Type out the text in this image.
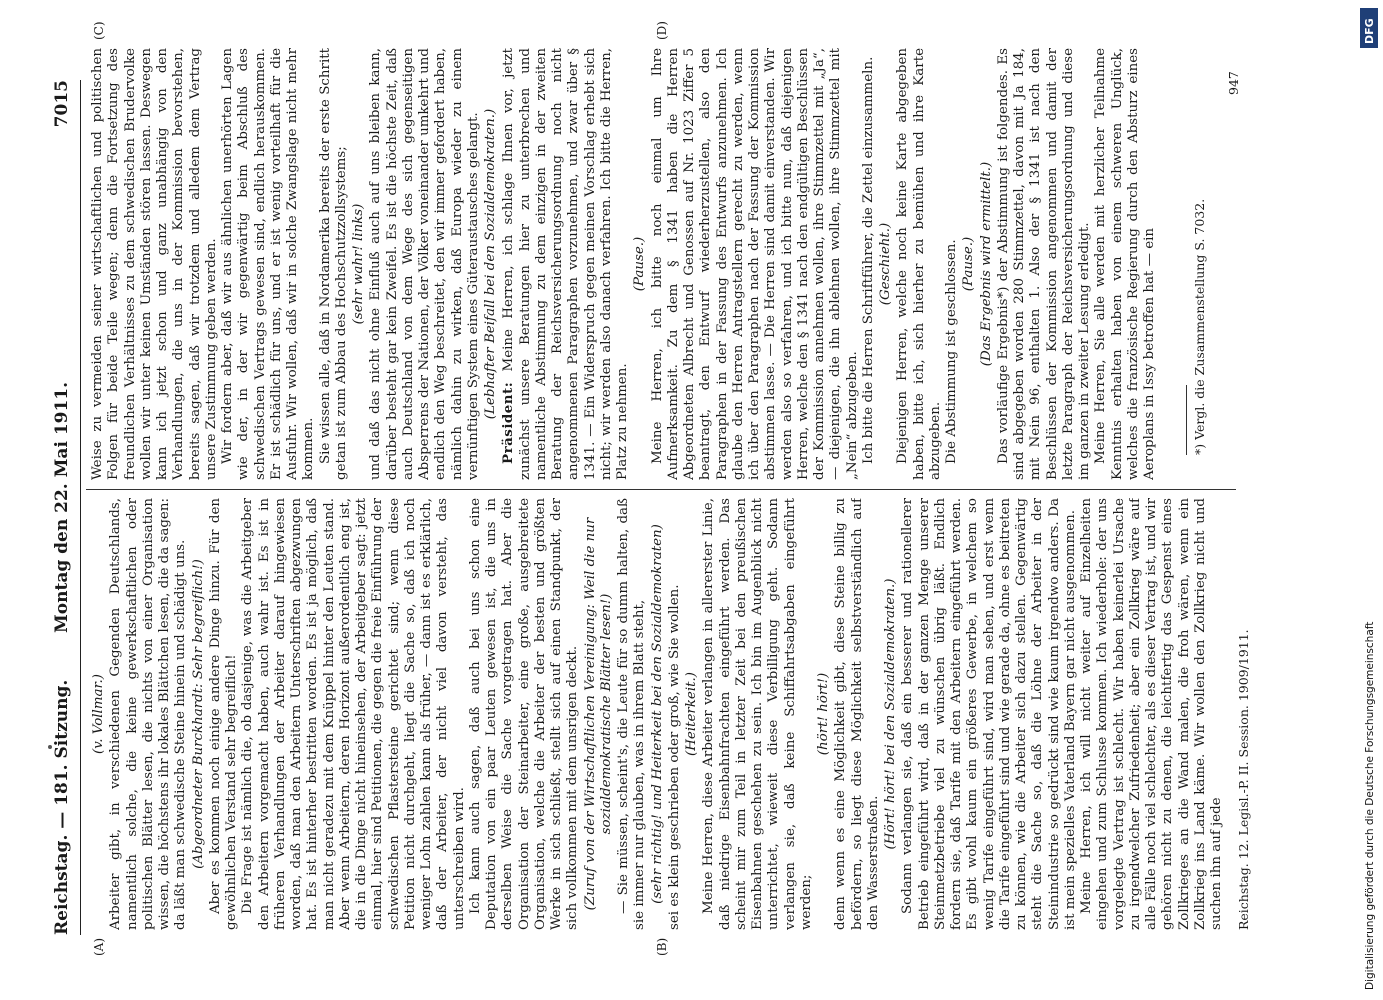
Reichstag. — 181. Sitzung.
Montag den 22. Mai 1911.
7015
(A)	(B)
(C)	(D)

(v. Vollmar.) Arbeiter gibt, in verschiedenen Gegenden Deutschlands, namentlich solche, die keine gewerkschaftlichen oder politischen Blätter lesen, die nichts von einer Organisation wissen, die höchstens ihr lokales Blättchen lesen, die da sagen: da läßt man schwedische Steine hinein und schädigt uns. (Abgeordneter Burckhardt: Sehr begreiflich!) Aber es kommen noch einige andere Dinge hinzu. Für den gewöhnlichen Verstand sehr begreiflich! Die Frage ist nämlich die, ob dasjenige, was die Arbeitgeber den Arbeitern vorgemacht haben, auch wahr ist. Es ist in früheren Verhandlungen der Arbeiter darauf hingewiesen worden, daß man den Arbeitern Unterschriften abgezwungen hat. Es ist hinterher bestritten worden. Es ist ja möglich, daß man nicht geradezu mit dem Knüppel hinter den Leuten stand. Aber wenn Arbeitern, deren Horizont außerordentlich eng ist, die in die Dinge nicht hineinsehen, der Arbeitgeber sagt: jetzt einmal, hier sind Petitionen, die gegen die freie Einführung der schwedischen Pflastersteine gerichtet sind; wenn diese Petition nicht durchgeht, liegt die Sache so, daß ich noch weniger Lohn zahlen kann als früher, — dann ist es erklärlich, daß der Arbeiter, der nicht viel davon versteht, das unterschreiben wird. Ich kann auch sagen, daß auch bei uns schon eine Deputation von ein paar Leuten gewesen ist, die uns in derselben Weise die Sache vorgetragen hat. Aber die Organisation der Steinarbeiter, eine große, ausgebreitete Organisation, welche die Arbeiter der besten und größten Werke in sich schließt, stellt sich auf einen Standpunkt, der sich vollkommen mit dem unsrigen deckt. (Zuruf von der Wirtschaftlichen Vereinigung: Weil die nur sozialdemokratische Blätter lesen!) — Sie müssen, scheint's, die Leute für so dumm halten, daß sie immer nur glauben, was in ihrem Blatt steht, (sehr richtig! und Heiterkeit bei den Sozialdemokraten) sei es klein geschrieben oder groß, wie Sie wollen. (Heiterkeit.) Meine Herren, diese Arbeiter verlangen in allererster Linie, daß niedrige Eisenbahnfrachten eingeführt werden. Das scheint mir zum Teil in letzter Zeit bei den preußischen Eisenbahnen geschehen zu sein. Ich bin im Augenblick nicht unterrichtet, wieweit diese Verbilligung geht. Sodann verlangen sie, daß keine Schiffahrtsabgaben eingeführt werden;

(hört! hört!) denn wenn es eine Möglichkeit gibt, diese Steine billig zu befördern, so liegt diese Möglichkeit selbstverständlich auf den Wasserstraßen.

(Hört! hört! bei den Sozialdemokraten.) Sodann verlangen sie, daß ein besserer und rationellerer Betrieb eingeführt wird, daß in der ganzen Menge unserer Steinmetzbetriebe viel zu wünschen übrig läßt. Endlich fordern sie, daß Tarife mit den Arbeitern eingeführt werden. Es gibt wohl kaum ein größeres Gewerbe, in welchem so wenig Tarife eingeführt sind, wird man sehen, und erst wenn die Tarife eingeführt sind und wie gerade da, ohne es beitreten zu können, wie die Arbeiter sich dazu stellen. Gegenwärtig steht die Sache so, daß die Löhne der Arbeiter in der Steinindustrie so gedrückt sind wie kaum irgendwo anders. Da ist mein spezielles Vaterland Bayern gar nicht ausgenommen. Meine Herren, ich will nicht weiter auf Einzelheiten eingehen und zum Schlusse kommen. Ich wiederhole: der uns vorgelegte Vertrag ist schlecht. Wir haben keinerlei Ursache zu irgendwelcher Zufriedenheit; aber ein Zollkrieg wäre auf alle Fälle noch viel schlechter, als es dieser Vertrag ist, und wir gehören nicht zu denen, die leichtfertig das Gespenst eines Zollkrieges an die Wand malen, die froh wären, wenn ein Zollkrieg ins Land käme. Wir wollen den Zollkrieg nicht und suchen ihn auf jede

Weise zu vermeiden seiner wirtschaftlichen und politischen Folgen für beide Teile wegen; denn die Fortsetzung des freundlichen Verhältnisses zu dem schwedischen Brudervolke wollen wir unter keinen Umständen stören lassen. Deswegen kann ich jetzt schon und ganz unabhängig von den Verhandlungen, die uns in der Kommission bevorstehen, bereits sagen, daß wir trotzdem und alledem dem Vertrag unsere Zustimmung geben werden. Wir fordern aber, daß wir aus ähnlichen unerhörten Lagen wie der, in der wir gegenwärtig beim Abschluß des schwedischen Vertrags gewesen sind, endlich herauskommen. Er ist schädlich für uns, und er ist wenig vorteilhaft für die Ausfuhr. Wir wollen, daß wir in solche Zwangslage nicht mehr kommen. Sie wissen alle, daß in Nordamerika bereits der erste Schritt getan ist zum Abbau des Hochschutzzollsystems; (sehr wahr! links) und daß das nicht ohne Einfluß auch auf uns bleiben kann, darüber besteht gar kein Zweifel. Es ist die höchste Zeit, daß auch Deutschland von dem Wege des sich gegenseitigen Absperrens der Nationen, der Völker voneinander umkehrt und endlich den Weg beschreitet, den wir immer gefordert haben, nämlich dahin zu wirken, daß Europa wieder zu einem vernünftigen System eines Güteraustausches gelangt. (Lebhafter Beifall bei den Sozialdemokraten.)

Präsident: Meine Herren, ich schlage Ihnen vor, jetzt zunächst unsere Beratungen hier zu unterbrechen und namentliche Abstimmung zu dem einzigen in der zweiten Beratung der Reichsversicherungsordnung noch nicht angenommenen Paragraphen vorzunehmen, und zwar über § 1341. — Ein Widerspruch gegen meinen Vorschlag erhebt sich nicht; wir werden also danach verfahren. Ich bitte die Herren, Platz zu nehmen.

(Pause.) Meine Herren, ich bitte noch einmal um Ihre Aufmerksamkeit. Zu dem § 1341 haben die Herren Abgeordneten Albrecht und Genossen auf Nr. 1023 Ziffer 5 beantragt, den Entwurf wiederherzustellen, also den Paragraphen in der Fassung des Entwurfs anzunehmen. Ich glaube den Herren Antragstellern gerecht zu werden, wenn ich über den Paragraphen nach der Fassung der Kommission abstimmen lasse. — Die Herren sind damit einverstanden. Wir werden also so verfahren, und ich bitte nun, daß diejenigen Herren, welche den § 1341 nach den endgültigen Beschlüssen der Kommission annehmen wollen, ihre Stimmzettel mit „Ja“, — diejenigen, die ihn ablehnen wollen, ihre Stimmzettel mit „Nein“ abzugeben. Ich bitte die Herren Schriftführer, die Zettel einzusammeln. (Geschieht.) Diejenigen Herren, welche noch keine Karte abgegeben haben, bitte ich, sich hierher zu bemühen und ihre Karte abzugeben. Die Abstimmung ist geschlossen. (Pause.) (Das Ergebnis wird ermittelt.) Das vorläufige Ergebnis*) der Abstimmung ist folgendes. Es sind abgegeben worden 280 Stimmzettel, davon mit Ja 184, mit Nein 96, enthalten 1. Also der § 1341 ist nach den Beschlüssen der Kommission angenommen und damit der letzte Paragraph der Reichsversicherungsordnung und diese im ganzen in zweiter Lesung erledigt. Meine Herren, Sie alle werden mit herzlicher Teilnahme Kenntnis erhalten haben von einem schweren Unglück, welches die französische Regierung durch den Absturz eines Aeroplans in Issy betroffen hat — ein	*) Vergl. die Zusammenstellung S. 7032.
947
Reichstag. 12. Legisl.-P. II. Session. 1909/1911.
DFG
Digitalisierung gefördert durch die Deutsche Forschungsgemeinschaft
